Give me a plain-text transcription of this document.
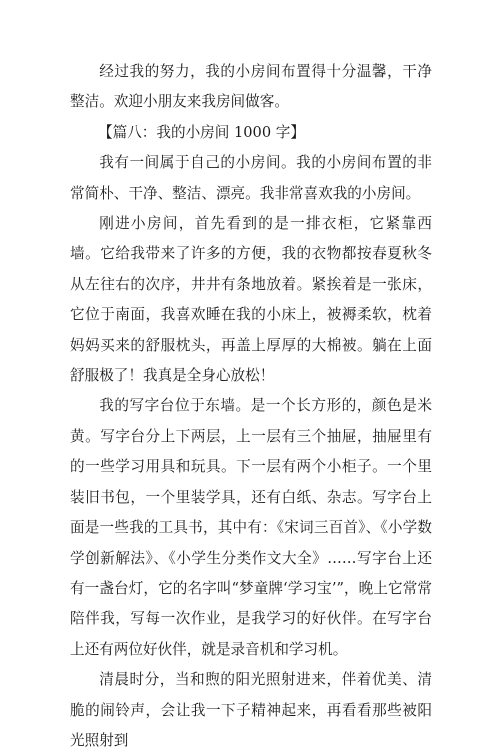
经过我的努力，我的小房间布置得十分温馨，干净整洁。欢迎小朋友来我房间做客。

【篇八：我的小房间 1000 字】

我有一间属于自己的小房间。我的小房间布置的非常简朴、干净、整洁、漂亮。我非常喜欢我的小房间。

刚进小房间，首先看到的是一排衣柜，它紧靠西墙。它给我带来了许多的方便，我的衣物都按春夏秋冬从左往右的次序，井井有条地放着。紧挨着是一张床，它位于南面，我喜欢睡在我的小床上，被褥柔软，枕着妈妈买来的舒服枕头，再盖上厚厚的大棉被。躺在上面舒服极了！我真是全身心放松！

我的写字台位于东墙。是一个长方形的，颜色是米黄。写字台分上下两层，上一层有三个抽屉，抽屉里有的一些学习用具和玩具。下一层有两个小柜子。一个里装旧书包，一个里装学具，还有白纸、杂志。写字台上面是一些我的工具书，其中有：《宋词三百首》、《小学数学创新解法》、《小学生分类作文大全》……写字台上还有一盏台灯，它的名字叫“梦童牌‘学习宝’”，晚上它常常陪伴我，写每一次作业，是我学习的好伙伴。在写字台上还有两位好伙伴，就是录音机和学习机。

清晨时分，当和煦的阳光照射进来，伴着优美、清脆的闹铃声，会让我一下子精神起来，再看看那些被阳光照射到
